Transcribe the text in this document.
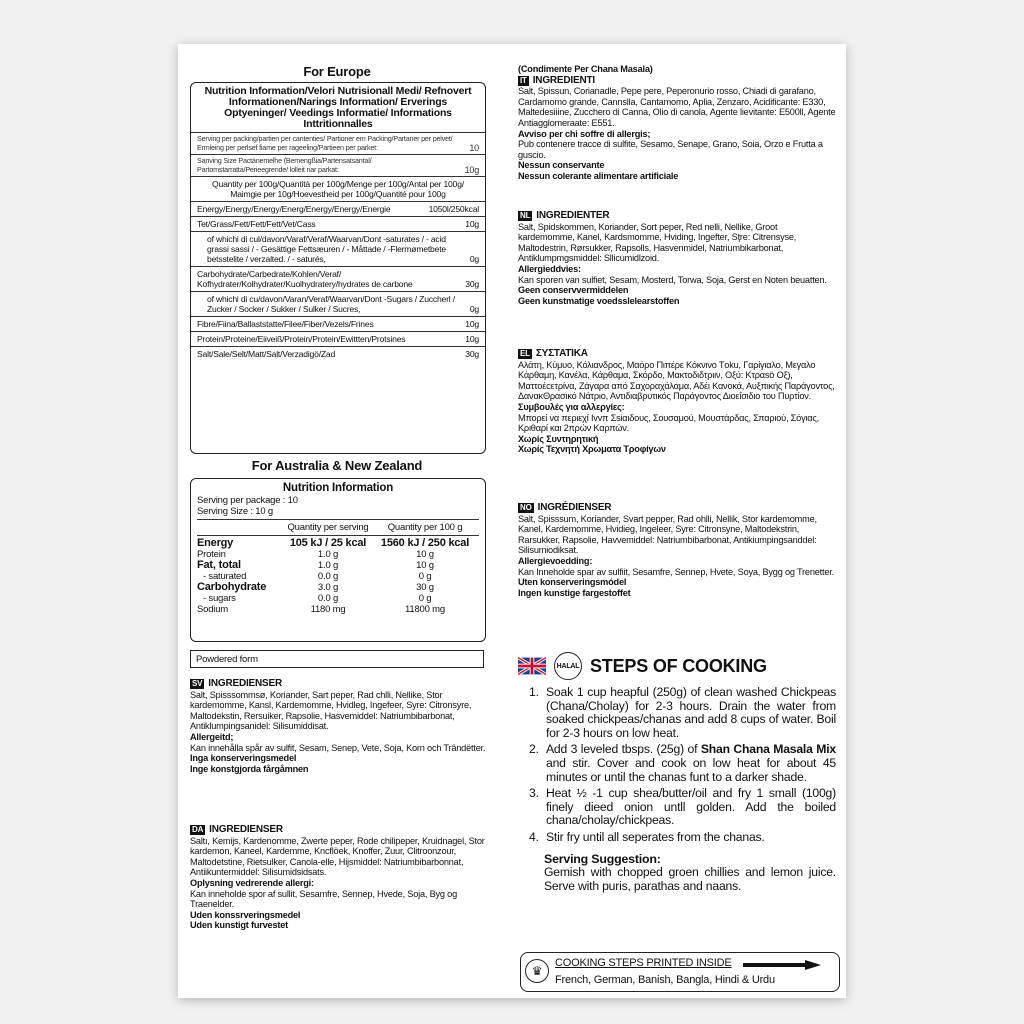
For Europe
Nutrition Information/Velori Nutrisionall Medi/ Refnovert Informationen/Narings Information/ Erverings Optyeninger/ Veedings Informatie/ Informations Inttritionnalles
Serving per packing/partien per cantenties/ Partioner em Packing/Partaner per pelvet/ Ermleing per perlsef fiame per rageeling/Partieen per parket:	10
Sanving Size Pactánemelhe (Bemengßia/Partensatsantal/ Partomstarratta/Perieegrende/ lolleit nar parkat:	10g
Quantity per 100g/Quantità per 100g/Menge per 100g/Antal per 100g/ Maimgie per 10g/Hoevestheid per 100g/Quantité pour 100g
Energy/Energy/Energy/Energ/Energy/Energy/Energie	1050l/250kcal
Tet/Grass/Fett/Fett/Fett/Vet/Cass	10g
of whichi di cul/davon/Varaf/Veraf/Waarvan/Dont -saturates / - acid grassi sassi / - Gesättige Fettsæuren / - Måttade / -Flermømetbete betsstelite / verzalted. / - saturés,	0g
Carbohydrate/Carbedrate/Kohlen/Veraf/ Kofhydrater/Kolhydrater/Kuolhydratery/hydrates de carbone	30g
of whichi di cu/davon/Varan/Veraf/Waarvan/Dont -Sugars / Zuccherl / Zucker / Socker / Sukker / Sulker / Sucres,	0g
Fibre/Fiina/Ballaststatte/Filee/Fiber/Vezels/Frines	10g
Protein/Proteine/Eiiveiß/Protein/Protein/Ewittten/Protsines	10g
Salt/Sale/Selt/Matt/Salt/Verzadigö/Zad	30g
For Australia & New Zealand
Nutrition Information
Serving per package : 10
Serving Size : 10 g
Quantity per serving	Quantity per 100 g
Energy	105 kJ / 25 kcal	1560 kJ / 250 kcal
Protein	1.0 g	10 g
Fat, total	1.0 g	10 g
- saturated	0.0 g	0 g
Carbohydrate	3.0 g	30 g
- sugars	0.0 g	0 g
Sodium	1180 mg	11800 mg
Powdered form
SV INGREDIENSER
Salt, Spisssommsø, Koriander, Sart peper, Rad chlli, Nellike, Stor kardemomme, Kansl, Kardemomme, Hvidleg, Ingefeer, Syre: Citronsyre, Maltodekstin, Rersuiker, Rapsolie, Hasvemiddel: Natriumbibarbonat, Antiklumpingsanidel: Silisumiddisat.
Allergeitd;
Kan innehålla spår av sulfit, Sesam, Senep, Vete, Soja, Korn och Trândëtter.
Inga konserveringsmedel
Inge konstgjorda fårgåmnen
DA INGREDIENSER
Saltı, Kemijs, Kardenomme, Zwerte peper, Rode chilipeper, Kruidnagel, Stor kardemon, Kaneel, Kardemme, Kncflöek, Knoffer, Zuur, Clitroonzour, Maltodetstine, Rietsulker, Canola-elle, Hijsmiddel: Natriumbibarbonnat, Antiikuntermiddel: Silisumidsidsats.
Oplysning vedrerende allergi:
Kan inneholde spor af sullit, Sesamfre, Sennep, Hvede, Soja, Byg og Traenelder.
Uden konssrveringsmedel
Uden kunstigt furvestet
(Condimente Per Chana Masala)
IT INGREDIENTI
Salt, Spissun, Corianadle, Pepe pere, Peperonurio rosso, Chiadi di garafano, Cardamomo grande, Cannslla, Cantamomo, Aplia, Zenzaro, Acidificante: E330, Maltedesiiine, Zucchero di Canna, Olio di canola, Agente lievitante: E500ll, Agente Antiagglomeraate: E551.
Avviso per chi soffre di allergis;
Pub contenere tracce di sulfite, Sesamo, Senape, Grano, Soia, Orzo e Frutta a guscio.
Nessun conservante
Nessun colerante alimentare artificiale
NL INGREDIENTER
Salt, Spidskommen, Koriander, Sort peper, Red nelli, Nellike, Groot kardemomme, Kanel, Kardsmomme, Hviding, Ingefter, Sţre: Citrensyse, Maltodestrin, Rørsukker, Rapsolls, Hasvenmidel, Natriumbikarbonat, Antiklumpmgsmiddel: Sllicumidlzoid.
Allergieddvies:
Kan sporen van sulfiet, Sesam, Mosterd, Torwa, Soja, Gerst en Noten beuatten.
Geen conservvermiddelen
Geen kunstmatige voedsslelearstoffen
EL ΣΥΣΤΑΤΙΚΑ
Αλάτη, Κύμυο, Κόλιανδρος, Μαόρο Πιπέρε Κόκνινο Τoku, Γαρίγιαλο, Μεγαλο Κάρθαμη, Κανέλα, Κάρθαμα, Σκόρδο, Μακτοδιδτριιν, Οξύ: Kτραsö Oξ), Ματτοέcετρίνα, Ζάγαρα από Σαχοραχάλαμα, Αδέι Κανοκά, Αυξπικής Παράγοντος, ΔανακΘρασικό Νάτριο, Αντιδιαβρυτικός Παράγοντος Διοεΐσιδιο του Πυρτίον.
Συμβουλές για αλλεργίες:
Μπορεί να περιεχί Ιvvπ Σsiαιδους, Σουσαμού, Μουστάρδας, Σπαριού, Σόγιας, Κριθαρί και 2πρών Καρπών.
Χωρίς Συντηρητική
Χωρίς Τεχνητή Χρωματα Τροφίγων
NO INGRÉDIENSER
Salt, Spisssum, Koriander, Svart pepper, Rad ohlli, Nellik, Stor kardemomme, Kanel, Kardemomme, Hvidieg, Ingeleer, Syre: Citronsyne, Maltodekstrin, Rarsukker, Rapsolie, Havvemiddel: Natriumbibarbonat, Antikiumpingsanddel: Silisumiodiksat.
Allergievoedding:
Kan Inneholde spar av sulfiit, Sesamfre, Sennep, Hvete, Soya, Bygg og Trenetter.
Uten konserveringsmódel
Ingen kunstige fargestoffet
HALAL STEPS OF COOKING
1. Soak 1 cup heapful (250g) of clean washed Chickpeas (Chana/Cholay) for 2-3 hours. Drain the water from soaked chickpeas/chanas and add 8 cups of water. Boil for 2-3 hours on low heat.
2. Add 3 leveled tbsps. (25g) of Shan Chana Masala Mix and stir. Cover and cook on low heat for about 45 minutes or until the chanas funt to a darker shade.
3. Heat ½ -1 cup shea/butter/oil and fry 1 small (100g) finely dieed onion untll golden. Add the boiled chana/cholay/chickpeas.
4. Stir fry until all seperates from the chanas.
Serving Suggestion:
Gemish with chopped groen chillies and lemon juice. Serve with puris, parathas and naans.
♛
COOKING STEPS PRINTED INSIDE
French, German, Banish, Bangla, Hindi & Urdu
